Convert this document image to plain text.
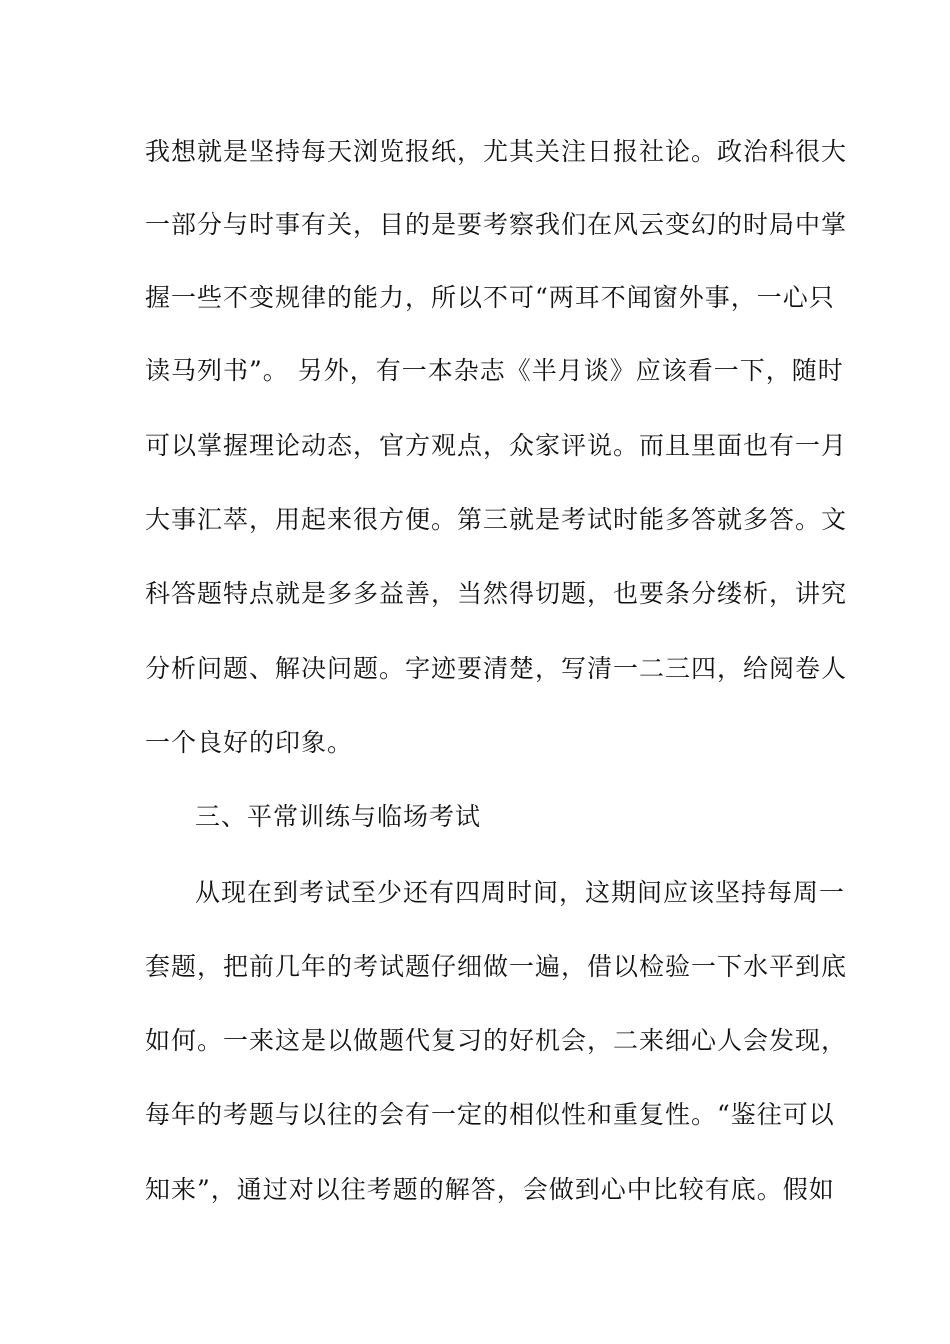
我想就是坚持每天浏览报纸，尤其关注日报社论。政治科很大
一部分与时事有关，目的是要考察我们在风云变幻的时局中掌
握一些不变规律的能力，所以不可“两耳不闻窗外事，一心只
读马列书”。 另外，有一本杂志《半月谈》应该看一下，随时
可以掌握理论动态，官方观点，众家评说。而且里面也有一月
大事汇萃，用起来很方便。第三就是考试时能多答就多答。文
科答题特点就是多多益善，当然得切题，也要条分缕析，讲究
分析问题、解决问题。字迹要清楚，写清一二三四，给阅卷人
一个良好的印象。
三、平常训练与临场考试
从现在到考试至少还有四周时间，这期间应该坚持每周一
套题，把前几年的考试题仔细做一遍，借以检验一下水平到底
如何。一来这是以做题代复习的好机会，二来细心人会发现，
每年的考题与以往的会有一定的相似性和重复性。“鉴往可以
知来”，通过对以往考题的解答，会做到心中比较有底。假如
